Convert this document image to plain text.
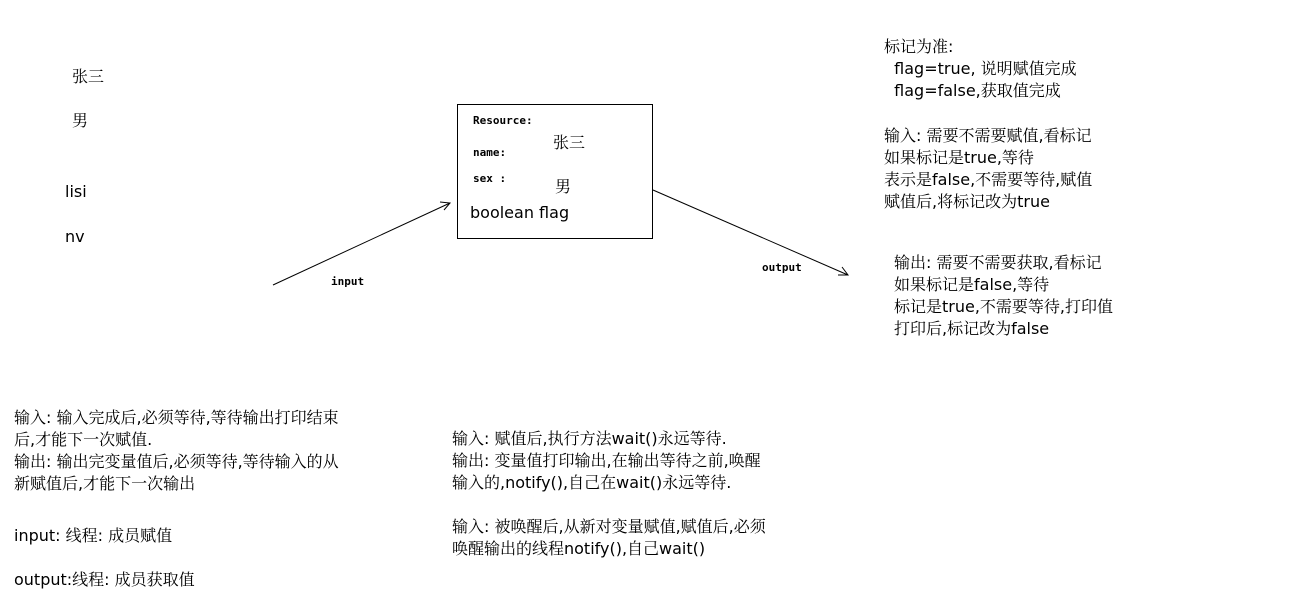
张三
男
lisi
nv
input
output
Resource:
name:
张三
sex :	男
boolean flag
标记为准:
flag=true, 说明赋值完成
flag=false,获取值完成
输入: 需要不需要赋值,看标记
如果标记是true,等待
表示是false,不需要等待,赋值
赋值后,将标记改为true
输出: 需要不需要获取,看标记
如果标记是false,等待
标记是true,不需要等待,打印值
打印后,标记改为false
输入: 输入完成后,必须等待,等待输出打印结束
后,才能下一次赋值.
输出: 输出完变量值后,必须等待,等待输入的从
新赋值后,才能下一次输出
input: 线程: 成员赋值
output:线程: 成员获取值
输入: 赋值后,执行方法wait()永远等待.
输出: 变量值打印输出,在输出等待之前,唤醒
输入的,notify(),自己在wait()永远等待.
输入: 被唤醒后,从新对变量赋值,赋值后,必须
唤醒输出的线程notify(),自己wait()
